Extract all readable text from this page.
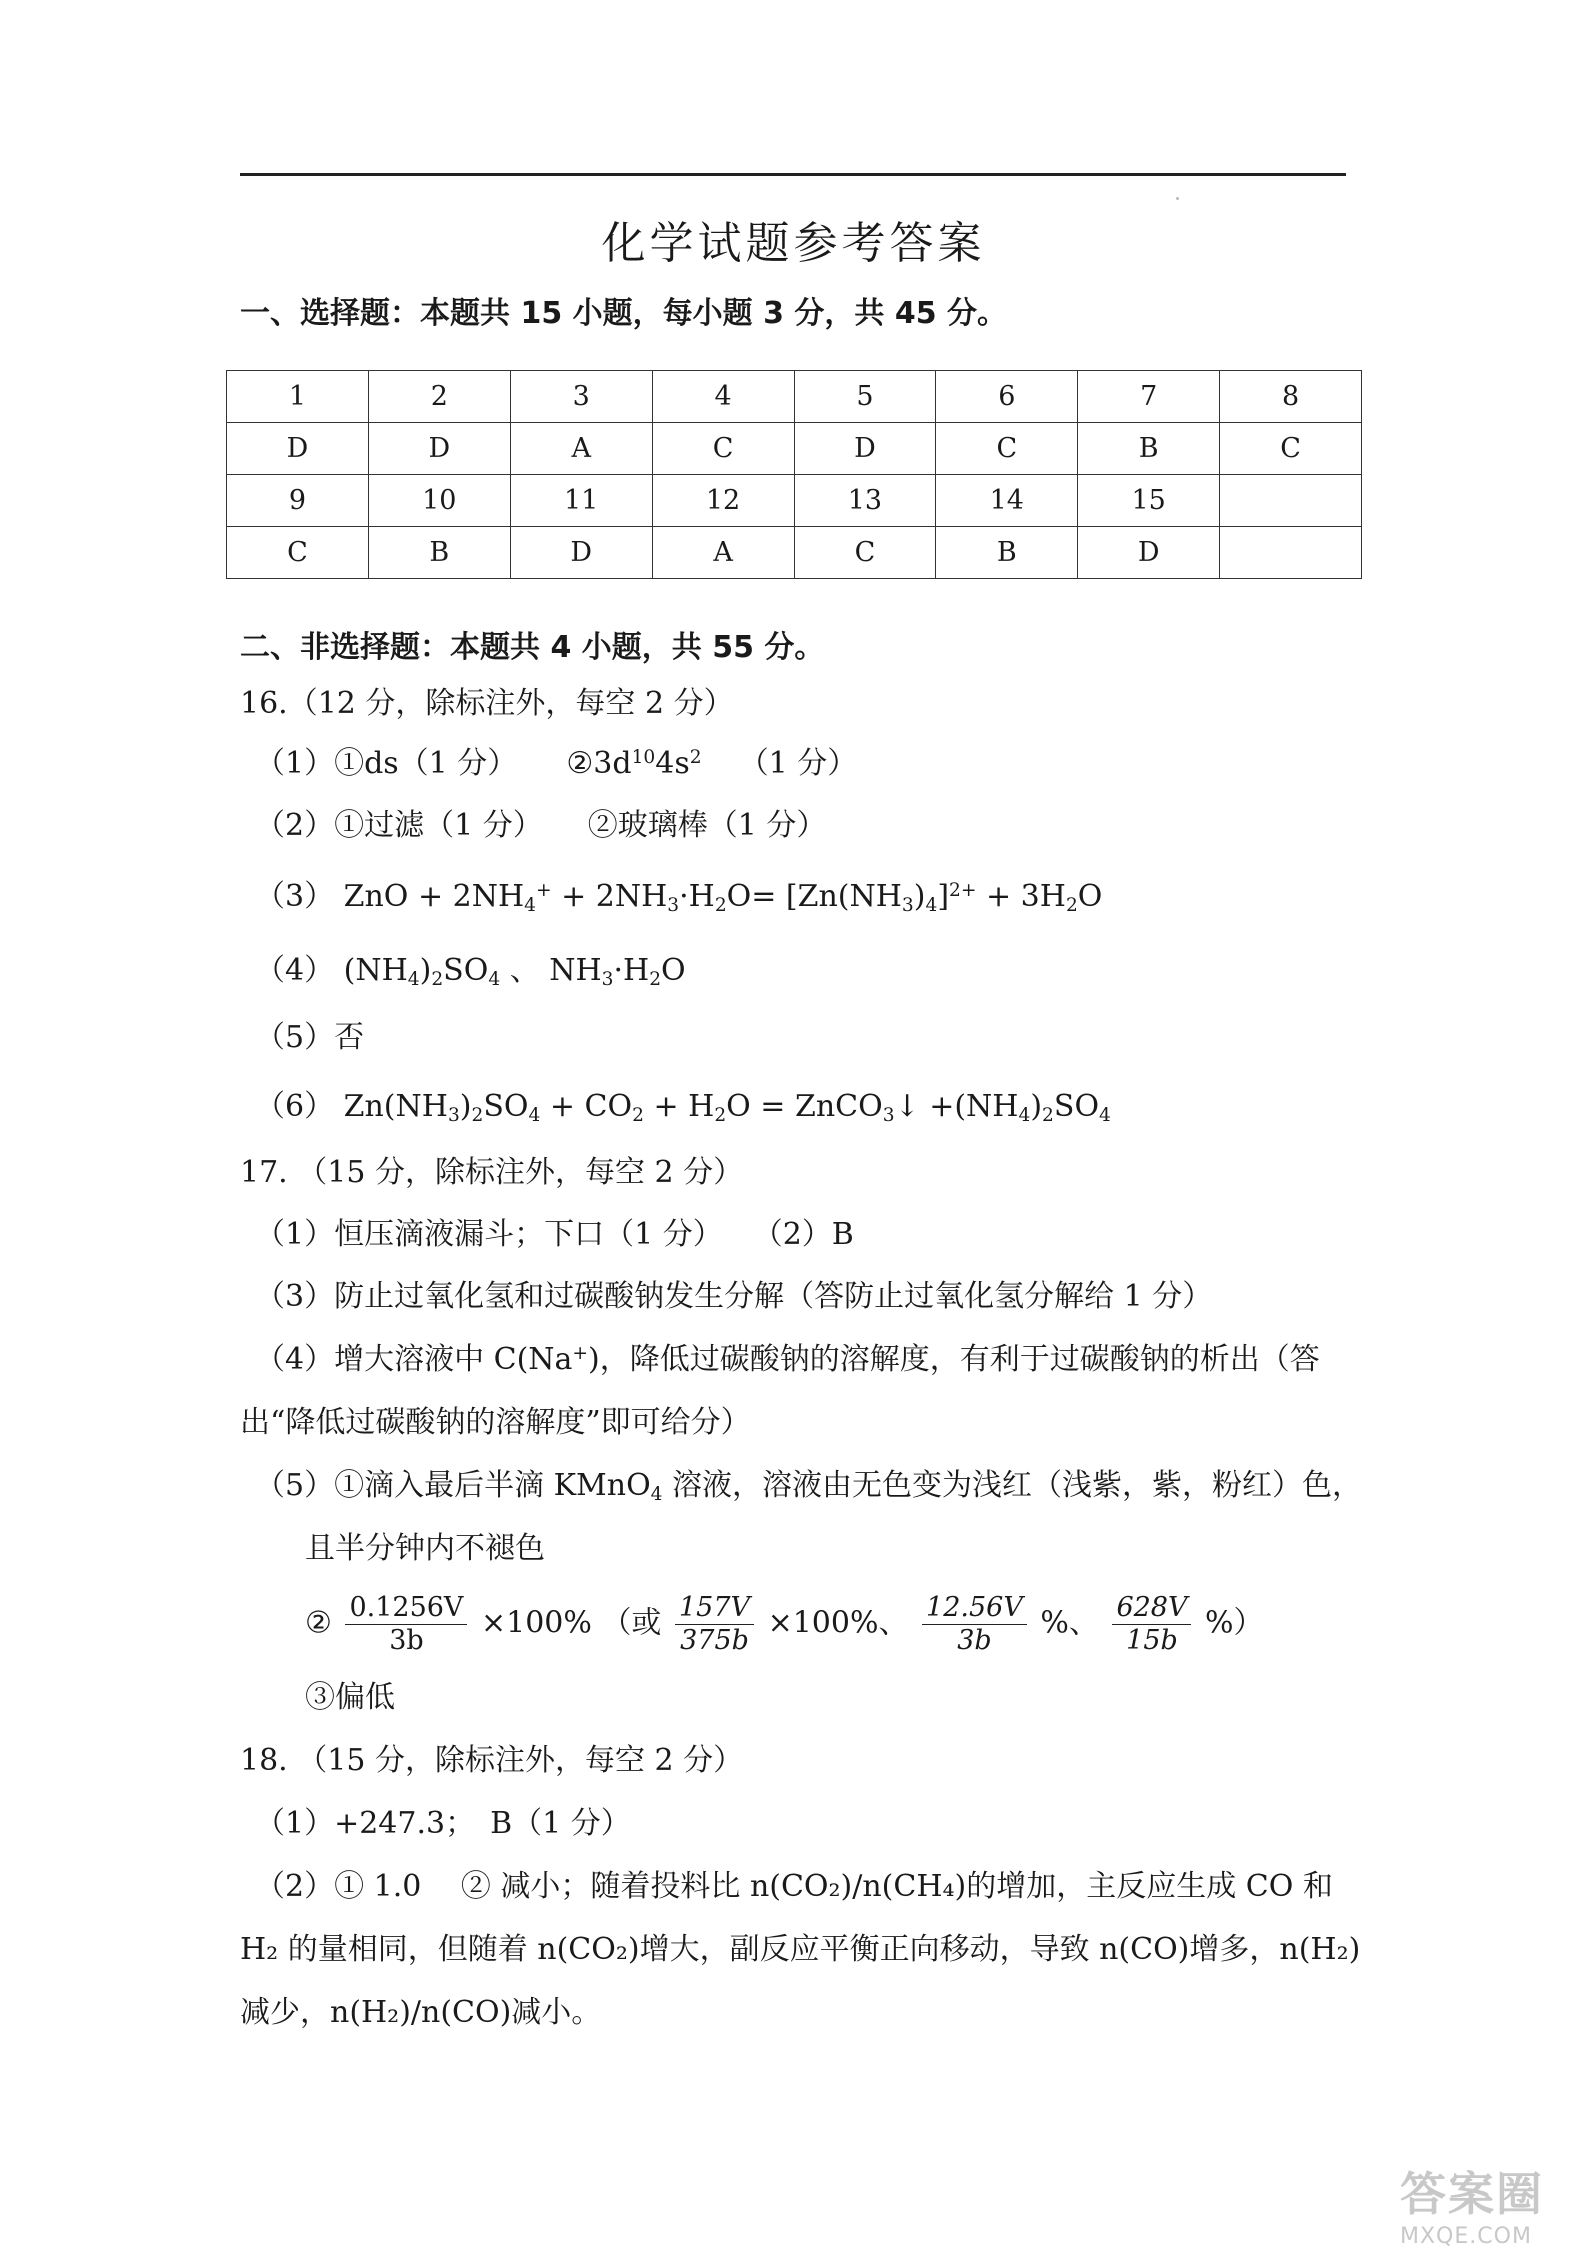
化学试题参考答案
一、选择题：本题共 15 小题，每小题 3 分，共 45 分。
1	2	3	4	5	6	7	8
D	D	A	C	D	C	B	C
9	10	11	12	13	14	15	
C	B	D	A	C	B	D	
二、非选择题：本题共 4 小题，共 55 分。
16.（12 分，除标注外，每空 2 分）
（1）①ds（1 分） $②3d^{10}4s^2$ （1 分）
（2）①过滤（1 分）　　②玻璃棒（1 分）
（3） ZnO + $2NH_4^+ + 2NH_3\cdot H_2O= [Zn(NH_3)_4]^{2+} + 3H_2O$
（4） $(NH_4)_2SO_4$ 、 $NH_3\cdot H_2O$
（5）否
（6） $Zn(NH_3)_2SO_4 + CO_2 + H_2O$ = ZnCO$_3$↓ $+(NH_4)_2SO_4$
17. （15 分，除标注外，每空 2 分）
（1）恒压滴液漏斗；下口（1 分）　　（2）B
（3）防止过氧化氢和过碳酸钠发生分解（答防止过氧化氢分解给 1 分）
（4）增大溶液中 C(Na+)，降低过碳酸钠的溶解度，有利于过碳酸钠的析出（答
出“降低过碳酸钠的溶解度”即可给分）
（5）①滴入最后半滴 KMnO$_4$ 溶液，溶液由无色变为浅红（浅紫，紫，粉红）色，
且半分钟内不褪色
② $\frac{0.1256V}{3b} \times 100\%$ （或 $\frac{157V}{375b} \times 100\%$、 $\frac{12.56V}{3b}$ %、 $\frac{628V}{15b}$ %）
③偏低
18. （15 分，除标注外，每空 2 分）
（1）+247.3；　B（1 分）
（2）① 1.0　 ② 减小；随着投料比 n(CO₂)/n(CH₄)的增加，主反应生成 CO 和
H₂ 的量相同，但随着 n(CO₂)增大，副反应平衡正向移动，导致 n(CO)增多，n(H₂)
减少，n(H₂)/n(CO)减小。
答案圈
MXQE.COM
